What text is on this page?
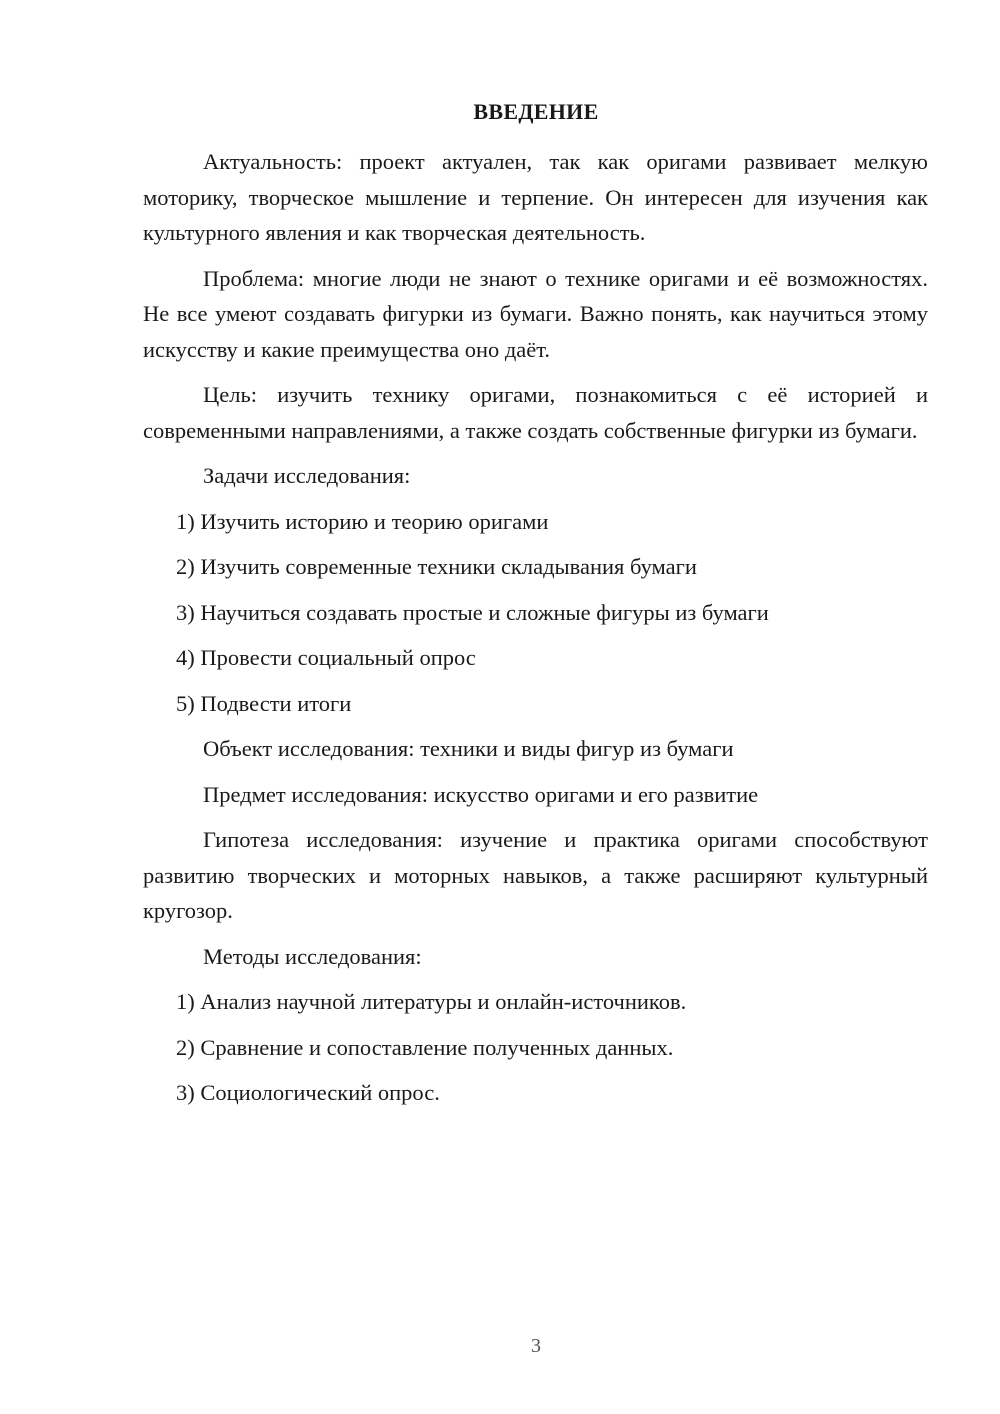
ВВЕДЕНИЕ

Актуальность: проект актуален, так как оригами развивает мелкую моторику, творческое мышление и терпение. Он интересен для изучения как культурного явления и как творческая деятельность.

Проблема: многие люди не знают о технике оригами и её возможностях. Не все умеют создавать фигурки из бумаги. Важно понять, как научиться этому искусству и какие преимущества оно даёт.

Цель: изучить технику оригами, познакомиться с её историей и современными направлениями, а также создать собственные фигурки из бумаги.

Задачи исследования:

1) Изучить историю и теорию оригами

2) Изучить современные техники складывания бумаги

3) Научиться создавать простые и сложные фигуры из бумаги

4) Провести социальный опрос

5) Подвести итоги

Объект исследования: техники и виды фигур из бумаги

Предмет исследования: искусство оригами и его развитие

Гипотеза исследования: изучение и практика оригами способствуют развитию творческих и моторных навыков, а также расширяют культурный кругозор.

Методы исследования:

1) Анализ научной литературы и онлайн-источников.

2) Сравнение и сопоставление полученных данных.

3) Социологический опрос.

3
